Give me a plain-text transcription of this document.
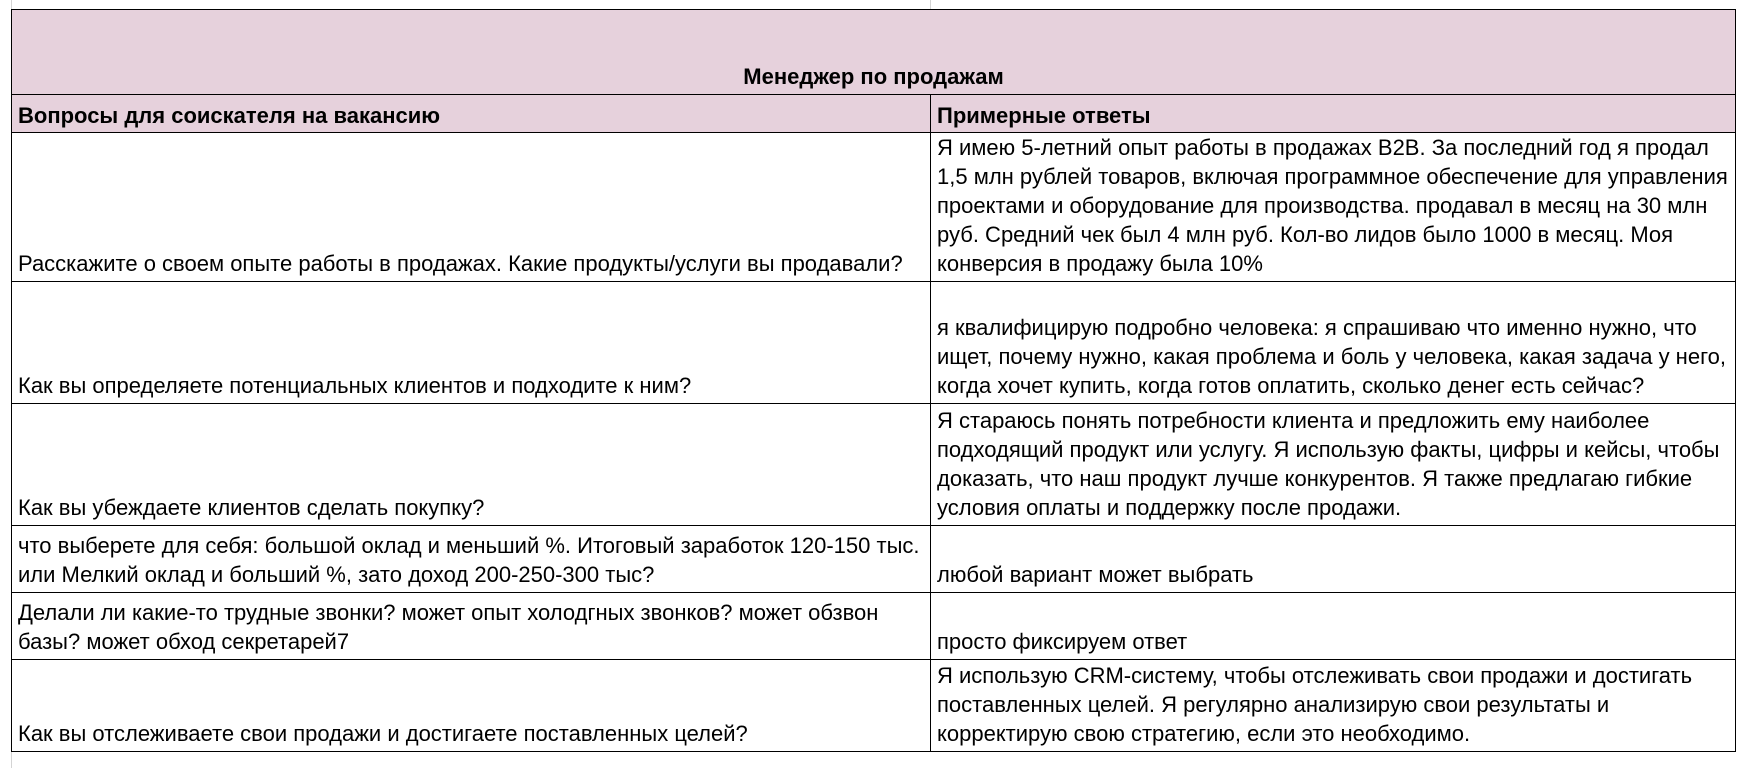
Менеджер по продажам	
Вопросы для соискателя на вакансию	Примерные ответы
Расскажите о своем опыте работы в продажах. Какие продукты/услуги вы продавали?	Я имею 5-летний опыт работы в продажах B2B. За последний год я продал 1,5 млн рублей товаров, включая программное обеспечение для управления проектами и оборудование для производства. продавал в месяц на 30 млн руб. Средний чек был 4 млн руб. Кол-во лидов было 1000 в месяц. Моя конверсия в продажу была 10%
Как вы определяете потенциальных клиентов и подходите к ним?	я квалифицирую подробно человека: я спрашиваю что именно нужно, что ищет, почему нужно, какая проблема и боль у человека, какая задача у него, когда хочет купить, когда готов оплатить, сколько денег есть сейчас?
Как вы убеждаете клиентов сделать покупку?	Я стараюсь понять потребности клиента и предложить ему наиболее подходящий продукт или услугу. Я использую факты, цифры и кейсы, чтобы доказать, что наш продукт лучше конкурентов. Я также предлагаю гибкие условия оплаты и поддержку после продажи.
что выберете для себя: большой оклад и меньший %. Итоговый заработок 120-150 тыс. или Мелкий оклад и больший %, зато доход 200-250-300 тыс?	любой вариант может выбрать
Делали ли какие-то трудные звонки? может опыт холодгных звонков? может обзвон базы? может обход секретарей7	просто фиксируем ответ
Как вы отслеживаете свои продажи и достигаете поставленных целей?	Я использую CRM-систему, чтобы отслеживать свои продажи и достигать поставленных целей. Я регулярно анализирую свои результаты и корректирую свою стратегию, если это необходимо.
